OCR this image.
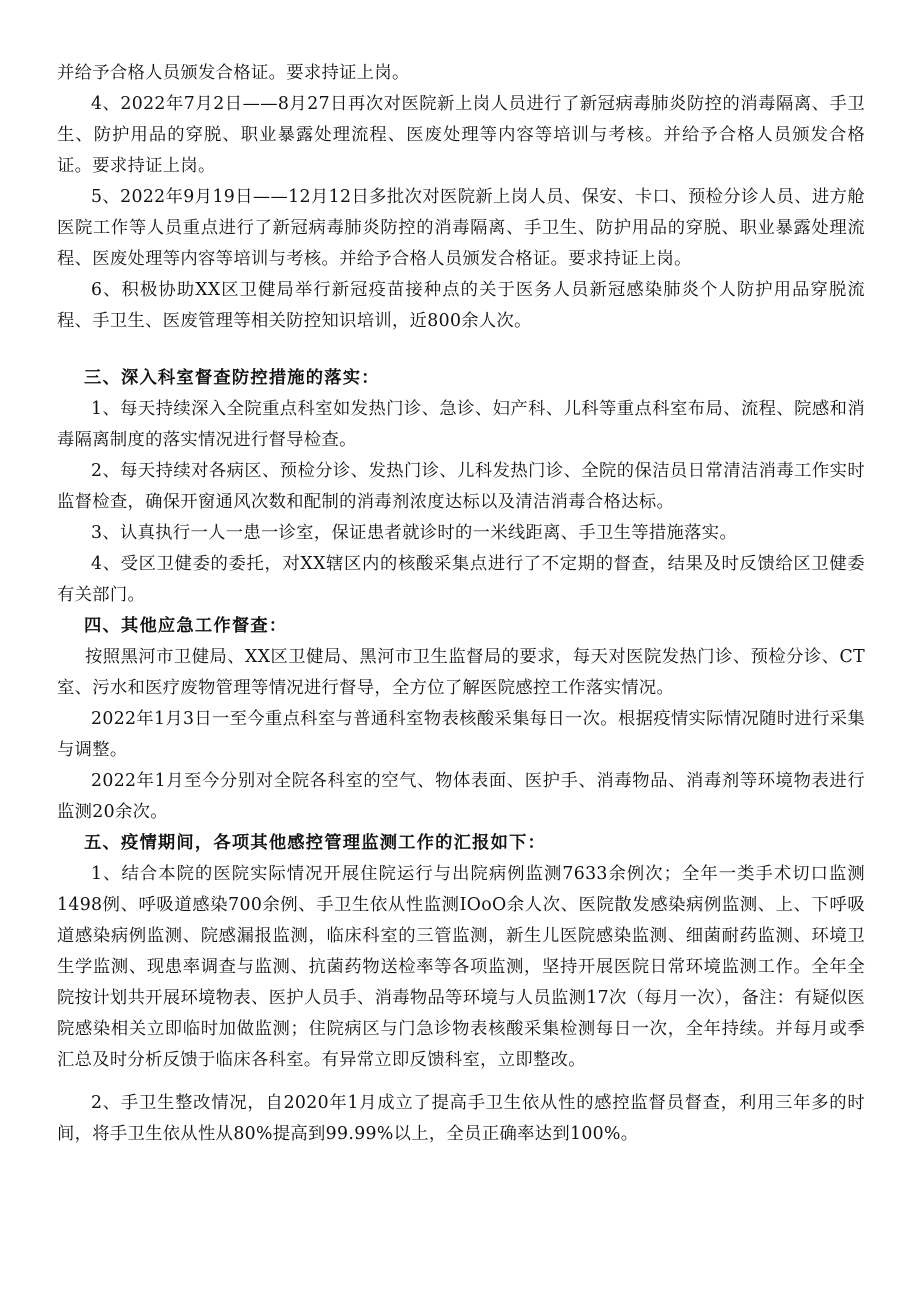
并给予合格人员颁发合格证。要求持证上岗。

4、2022年7月2日——8月27日再次对医院新上岗人员进行了新冠病毒肺炎防控的消毒隔离、手卫生、防护用品的穿脱、职业暴露处理流程、医废处理等内容等培训与考核。并给予合格人员颁发合格证。要求持证上岗。

5、2022年9月19日——12月12日多批次对医院新上岗人员、保安、卡口、预检分诊人员、进方舱医院工作等人员重点进行了新冠病毒肺炎防控的消毒隔离、手卫生、防护用品的穿脱、职业暴露处理流程、医废处理等内容等培训与考核。并给予合格人员颁发合格证。要求持证上岗。

6、积极协助XX区卫健局举行新冠疫苗接种点的关于医务人员新冠感染肺炎个人防护用品穿脱流程、手卫生、医废管理等相关防控知识培训，近800余人次。

三、深入科室督查防控措施的落实：

1、每天持续深入全院重点科室如发热门诊、急诊、妇产科、儿科等重点科室布局、流程、院感和消毒隔离制度的落实情况进行督导检查。

2、每天持续对各病区、预检分诊、发热门诊、儿科发热门诊、全院的保洁员日常清洁消毒工作实时监督检查，确保开窗通风次数和配制的消毒剂浓度达标以及清洁消毒合格达标。

3、认真执行一人一患一诊室，保证患者就诊时的一米线距离、手卫生等措施落实。

4、受区卫健委的委托，对XX辖区内的核酸采集点进行了不定期的督查，结果及时反馈给区卫健委有关部门。

四、其他应急工作督查：

按照黑河市卫健局、XX区卫健局、黑河市卫生监督局的要求，每天对医院发热门诊、预检分诊、CT室、污水和医疗废物管理等情况进行督导，全方位了解医院感控工作落实情况。

2022年1月3日一至今重点科室与普通科室物表核酸采集每日一次。根据疫情实际情况随时进行采集与调整。

2022年1月至今分别对全院各科室的空气、物体表面、医护手、消毒物品、消毒剂等环境物表进行监测20余次。

五、疫情期间，各项其他感控管理监测工作的汇报如下：

1、结合本院的医院实际情况开展住院运行与出院病例监测7633余例次；全年一类手术切口监测1498例、呼吸道感染700余例、手卫生依从性监测IOoO余人次、医院散发感染病例监测、上、下呼吸道感染病例监测、院感漏报监测，临床科室的三管监测，新生儿医院感染监测、细菌耐药监测、环境卫生学监测、现患率调查与监测、抗菌药物送检率等各项监测，坚持开展医院日常环境监测工作。全年全院按计划共开展环境物表、医护人员手、消毒物品等环境与人员监测17次（每月一次），备注：有疑似医院感染相关立即临时加做监测；住院病区与门急诊物表核酸采集检测每日一次，全年持续。并每月或季汇总及时分析反馈于临床各科室。有异常立即反馈科室，立即整改。

2、手卫生整改情况，自2020年1月成立了提高手卫生依从性的感控监督员督查，利用三年多的时间，将手卫生依从性从80%提高到99.99%以上，全员正确率达到100%。
